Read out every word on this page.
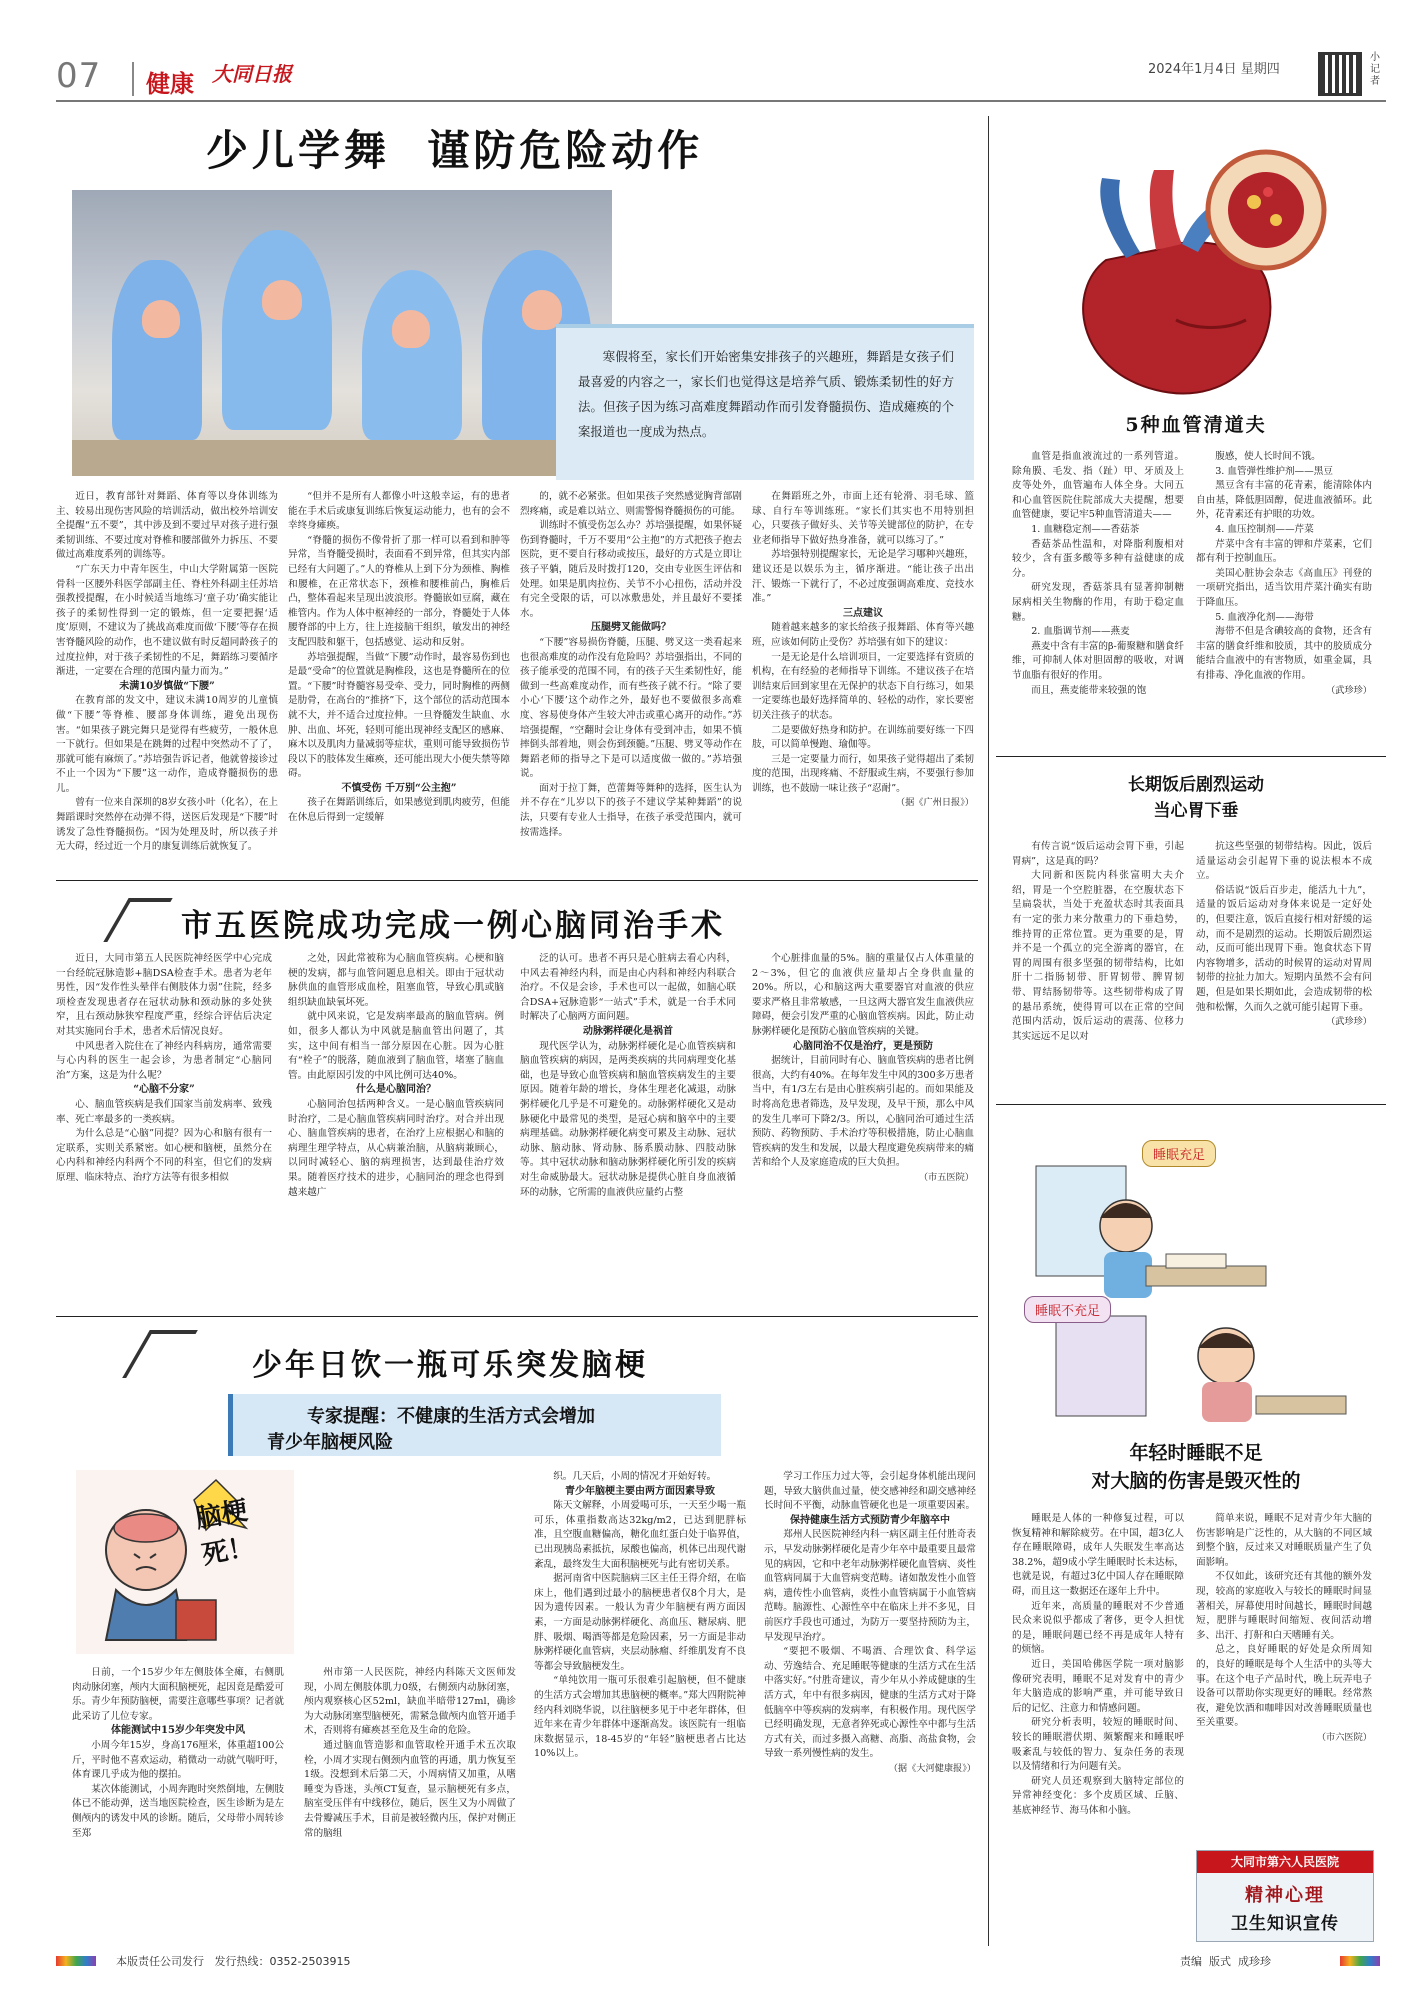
07 健康 大同日报	2024年1月4日 星期四
小 记 者
少儿学舞  谨防危险动作
寒假将至，家长们开始密集安排孩子的兴趣班，舞蹈是女孩子们最喜爱的内容之一，家长们也觉得这是培养气质、锻炼柔韧性的好方法。但孩子因为练习高难度舞蹈动作而引发脊髓损伤、造成瘫痪的个案报道也一度成为热点。

近日，教育部针对舞蹈、体育等以身体训练为主、较易出现伤害风险的培训活动，做出校外培训安全提醒“五不要”，其中涉及到不要过早对孩子进行强柔韧训练、不要过度对脊椎和腰部做外力拆压、不要做过高难度系列的训练等。

“广东天力中青年医生，中山大学附属第一医院骨科一区腰外科医学部副主任、脊柱外科副主任苏培强教授提醒，在小时候适当地练习‘童子功’确实能让孩子的柔韧性得到一定的锻炼，但一定要把握‘适度’原则，不建议为了挑战高难度而做‘下腰’等存在损害脊髓风险的动作，也不建议做有时反超同龄孩子的过度拉伸，对于孩子柔韧性的不足，舞蹈练习要循序渐进，一定要在合理的范围内量力而为。”

未满10岁慎做“下腰”

在教育部的发文中，建议未满10周岁的儿童慎做“下腰”等脊椎、腰部身体训练，避免出现伤害。“如果孩子跳完舞只是觉得有些疲劳，一般休息一下就行。但如果是在跳舞的过程中突然动不了了，那就可能有麻烦了。”苏培强告诉记者，他就曾接诊过不止一个因为“下腰”这一动作，造成脊髓损伤的患儿。

曾有一位来自深圳的8岁女孩小叶（化名），在上舞蹈课时突然停在动弹不得，送医后发现是“下腰”时诱发了急性脊髓损伤。“因为处理及时，所以孩子并无大碍，经过近一个月的康复训练后就恢复了。

“但并不是所有人都像小叶这般幸运，有的患者能在手术后或康复训练后恢复运动能力，也有的会不幸终身瘫痪。

“脊髓的损伤不像骨折了那一样可以看到和肿等异常，当脊髓受损时，表面看不到异常，但其实内部已经有大问题了。”人的脊椎从上到下分为颈椎、胸椎和腰椎，在正常状态下，颈椎和腰椎前凸，胸椎后凸，整体看起来呈现出波浪形。脊髓嵌如豆腐，藏在椎管内。作为人体中枢神经的一部分，脊髓处于人体腰脊部的中上方，往上连接脑干组织，敏发出的神经支配四肢和躯干，包括感觉、运动和反射。

苏培强提醒，当做“下腰”动作时，最容易伤到也是最“受命”的位置就是胸椎段，这也是脊髓所在的位置。“下腰”时脊髓容易受牵、受力，同时胸椎的两侧是肋骨，在高台的“推挤”下，这个部位的活动范围本就不大，并不适合过度拉伸。一旦脊髓发生缺血、水肿、出血、坏死，轻则可能出现神经支配区的感麻、麻木以及肌肉力量减弱等症状，重则可能导致损伤节段以下的肢体发生瘫痪，还可能出现大小便失禁等障碍。

不慎受伤 千万别“公主抱”

孩子在舞蹈训练后，如果感觉到肌肉疲劳，但能在休息后得到一定缓解

的，就不必紧张。但如果孩子突然感觉胸背部剧烈疼痛，或是难以站立、则需警惕脊髓损伤的可能。

训练时不慎受伤怎么办？苏培强提醒，如果怀疑伤到脊髓时，千万不要用“公主抱”的方式把孩子抱去医院，更不要自行移动或按压，最好的方式是立即让孩子平躺，随后及时拨打120，交由专业医生评估和处理。如果是肌肉拉伤、关节不小心扭伤，活动并没有完全受限的话，可以冰敷患处，并且最好不要揉水。

压腿劈叉能做吗？

“下腰”容易损伤脊髓，压腿、劈叉这一类看起来也很高难度的动作没有危险吗？苏培强指出，不同的孩子能承受的范围不同，有的孩子天生柔韧性好，能做到一些高难度动作，而有些孩子就不行。“除了要小心‘下腰’这个动作之外，最好也不要做很多高难度、容易使身体产生较大冲击或重心离开的动作。”苏培强提醒，“空翻时会让身体有受到冲击，如果不慎摔倒头部着地，则会伤到颈髓。”压腿、劈叉等动作在舞蹈老师的指导之下是可以适度做一做的。”苏培强说。

面对于拉丁舞，芭蕾舞等舞种的选择，医生认为并不存在“儿岁以下的孩子不建议学某种舞蹈”的说法，只要有专业人士指导，在孩子承受范围内，就可按需选择。

在舞蹈班之外，市面上还有轮滑、羽毛球、篮球、自行车等训练班。“家长们其实也不用特别担心，只要孩子做好头、关节等关键部位的防护，在专业老师指导下做好热身准备，就可以练习了。”

苏培强特别提醒家长，无论是学习哪种兴趣班，建议还是以娱乐为主，循序渐进。“能让孩子出出汗、锻炼一下就行了，不必过度强调高难度、竞技水准。”

三点建议

随着越来越多的家长给孩子报舞蹈、体育等兴趣班，应该如何防止受伤？苏培强有如下的建议：

一是无论是什么培训项目，一定要选择有资质的机构，在有经验的老师指导下训练。不建议孩子在培训结束后回到家里在无保护的状态下自行练习，如果一定要练也最好选择简单的、轻松的动作，家长要密切关注孩子的状态。

二是要做好热身和防护。在训练前要好练一下四肢，可以简单慢跑、瑜伽等。

三是一定要量力而行，如果孩子觉得超出了柔韧度的范围，出现疼痛、不舒服或生病，不要强行参加训练，也不鼓励一味让孩子“忍耐”。

（据《广州日报》）

市五医院成功完成一例心脑同治手术

近日，大同市第五人民医院神经医学中心完成一台经皖冠脉造影+脑DSA检查手术。患者为老年男性，因“发作性头晕伴右侧肢体力弱”住院，经多项检查发现患者存在冠状动脉和颈动脉的多处狭窄，且右颈动脉狭窄程度严重，经综合评估后决定对其实施同台手术，患者术后情况良好。

中风患者入院住在了神经内科病房，通常需要与心内科的医生一起会诊，为患者制定“心脑同治”方案，这是为什么呢？

“心脑不分家”

心、脑血管疾病是我们国家当前发病率、致残率、死亡率最多的一类疾病。

为什么总是“心脑”同提？因为心和脑有很有一定联系，实则关系紧密。如心梗和脑梗，虽然分在心内科和神经内科两个不同的科室，但它们的发病原理、临床特点、治疗方法等有很多相似

之处，因此常被称为心脑血管疾病。心梗和脑梗的发病，都与血管问题息息相关。即由于冠状动脉供血的血管形成血栓，阻塞血管，导致心肌或脑组织缺血缺氧坏死。

就中风来说，它是发病率最高的脑血管病。例如，很多人都认为中风就是脑血管出问题了，其实，这中间有相当一部分原因在心脏。因为心脏有“栓子”的脱落，随血液到了脑血管，堵塞了脑血管。由此原因引发的中风比例可达40%。

什么是心脑同治？

心脑同治包括两种含义。一是心脑血管疾病同时治疗，二是心脑血管疾病同时治疗。对合并出现心、脑血管疾病的患者，在治疗上应根据心和脑的病理生理学特点，从心病兼治脑，从脑病兼顾心，以同时减轻心、脑的病理损害，达到最佳治疗效果。随着医疗技术的进步，心脑同治的理念也得到越来越广

泛的认可。患者不再只是心脏病去看心内科，中风去看神经内科，而是由心内科和神经内科联合治疗。不仅是会诊，手术也可以一起做，如脑心联合DSA+冠脉造影“一站式”手术，就是一台手术同时解决了心脑两方面问题。

动脉粥样硬化是祸首

现代医学认为，动脉粥样硬化是心血管疾病和脑血管疾病的病因，是两类疾病的共同病理变化基础，也是导致心血管疾病和脑血管疾病发生的主要原因。随着年龄的增长，身体生理老化减退，动脉粥样硬化几乎是不可避免的。动脉粥样硬化又是动脉硬化中最常见的类型，是冠心病和脑卒中的主要病理基础。动脉粥样硬化病变可累及主动脉、冠状动脉、脑动脉、肾动脉、肠系膜动脉、四肢动脉等。其中冠状动脉和脑动脉粥样硬化所引发的疾病对生命威胁最大。冠状动脉是提供心脏自身血液循环的动脉，它所需的血液供应量约占整

个心脏排血量的5%。脑的重量仅占人体重量的2～3%，但它的血液供应量却占全身供血量的20%。所以，心和脑这两大重要器官对血液的供应要求严格且非常敏感，一旦这两大器官发生血液供应障碍，便会引发严重的心脑血管疾病。因此，防止动脉粥样硬化是预防心脑血管疾病的关键。

心脑同治不仅是治疗，更是预防

据统计，目前同时有心、脑血管疾病的患者比例很高，大约有40%。在每年发生中风的300多万患者当中，有1/3左右是由心脏疾病引起的。而如果能及时将高危患者筛选，及早发现，及早干预，那么中风的发生几率可下降2/3。所以，心脑同治可通过生活预防、药物预防、手术治疗等积极措施，防止心脑血管疾病的发生和发展，以最大程度避免疾病带来的痛苦和给个人及家庭造成的巨大负担。

（市五医院）

少年日饮一瓶可乐突发脑梗
专家提醒：不健康的生活方式会增加
青少年脑梗风险
脑梗死！

日前，一个15岁少年左侧肢体全瘫，右侧肌肉动脉闭塞，颅内大面积脑梗死，起因竟是酷爱可乐。青少年预防脑梗，需要注意哪些事项？记者就此采访了儿位专家。

体能测试中15岁少年突发中风

小周今年15岁，身高176厘米，体重超100公斤，平时他不喜欢运动，稍微动一动就气喘吁吁，体育课几乎成为他的摆拍。

某次体能测试，小周奔跑时突然倒地，左侧肢体已不能动弹，送当地医院检查，医生诊断为是左侧颅内的诱发中风的诊断。随后，父母带小周转诊至郑

州市第一人民医院，神经内科陈天文医师发现，小周左侧肢体肌力0级，右侧颈内动脉闭塞，颅内观察核心区52ml，缺血半暗带127ml，确诊为大动脉闭塞型脑梗死，需紧急做颅内血管开通手术，否则将有瘫痪甚至危及生命的危险。

通过脑血管造影和血管取栓开通手术五次取栓，小周才实现右侧颈内血管的再通，肌力恢复至1级。没想到术后第二天，小周病情又加重，从嗜睡变为昏迷，头颅CT复查，显示脑梗死有多点，脑室受压伴有中线移位，随后，医生又为小周做了去骨瓣减压手术，目前是被轻微内压，保护对侧正常的脑组

织。几天后，小周的情况才开始好转。

青少年脑梗主要由两方面因素导致

陈天文解释，小周爱喝可乐，一天至少喝一瓶可乐，体重指数高达32kg/m2，已达到肥胖标准，且空腹血糖偏高，糖化血红蛋白处于临界值，已出现胰岛素抵抗，尿酸也偏高，机体已出现代谢紊乱，最终发生大面积脑梗死与此有密切关系。

据河南省中医院脑病三区主任王得介绍，在临床上，他们遇到过最小的脑梗患者仅8个月大，是因为遗传因素。一般认为青少年脑梗有两方面因素，一方面是动脉粥样硬化、高血压、糖尿病、肥胖、吸烟、喝酒等都是危险因素，另一方面是非动脉粥样硬化血管病，夹层动脉瘤、纤维肌发育不良等都会导致脑梗发生。

“单纯饮用一瓶可乐很难引起脑梗，但不健康的生活方式会增加其患脑梗的概率。”郑大四附院神经内科刘晓华说，以往脑梗多见于中老年群体，但近年来在青少年群体中逐渐高发。该医院有一组临床数据显示，18-45岁的“年轻”脑梗患者占比达10%以上。

学习工作压力过大等，会引起身体机能出现问题，导致大脑供血过量，使交感神经和副交感神经长时间不平衡，动脉血管硬化也是一项重要因素。

保持健康生活方式预防青少年脑卒中

郑州人民医院神经内科一病区副主任付胜奇表示，早发动脉粥样硬化是青少年卒中最重要且最常见的病因，它和中老年动脉粥样硬化血管病、炎性血管病同属于大血管病变范畴。诸如散发性小血管病，遗传性小血管病，炎性小血管病属于小血管病范畴。脑源性、心源性卒中在临床上并不多见，目前医疗手段也可通过，为防万一要坚持预防为主，早发现早治疗。

“要把不吸烟、不喝酒、合理饮食、科学运动、劳逸结合、充足睡眠等健康的生活方式在生活中落实好。”付胜奇建议，青少年从小养成健康的生活方式，年中有很多病因，健康的生活方式对于降低脑卒中等疾病的发病率，有积极作用。现代医学已经明确发现，无意者猝死或心源性卒中都与生活方式有关，而过多摄入高糖、高脂、高盐食物，会导致一系列慢性病的发生。

（据《大河健康报》）

5种血管清道夫

血管是指血液流过的一系列管道。除角膜、毛发、指（趾）甲、牙质及上皮等处外，血管遍布人体全身。大同五和心血管医院住院部成大夫提醒，想要血管健康，要记牢5种血管清道夫——

1. 血糖稳定剂——香菇茶

香菇茶品性温和，对降脂利腹相对较少，含有蛋多酸等多种有益健康的成分。

研究发现，香菇茶具有显著抑制糖尿病相关生物酶的作用，有助于稳定血糖。

2. 血脂调节剂——燕麦

燕麦中含有丰富的β-葡聚糖和膳食纤维，可抑制人体对胆固醇的吸收，对调节血脂有很好的作用。

而且，燕麦能带来较强的饱

腹感，使人长时间不饿。

3. 血管弹性维护剂——黑豆

黑豆含有丰富的花青素，能清除体内自由基，降低胆固醇，促进血液循环。此外，花青素还有护眼的功效。

4. 血压控制剂——芹菜

芹菜中含有丰富的钾和芹菜素，它们都有利于控制血压。

美国心脏协会杂志《高血压》刊登的一项研究指出，适当饮用芹菜汁确实有助于降血压。

5. 血液净化剂——海带

海带不但是含碘较高的食物，还含有丰富的膳食纤维和胶质，其中的胶质成分能结合血液中的有害物质，如重金属，具有排毒、净化血液的作用。

（武珍珍）

长期饭后剧烈运动
当心胃下垂

有传言说“饭后运动会胃下垂，引起胃病”，这是真的吗？

大同新和医院内科张富明大夫介绍，胃是一个空腔脏器，在空腹状态下呈扁袋状，当处于充盈状态时其表面具有一定的张力来分散重力的下垂趋势，维持胃的正常位置。更为重要的是，胃并不是一个孤立的完全游离的器官，在胃的周围有很多坚强的韧带结构，比如肝十二指肠韧带、肝胃韧带、脾胃韧带、胃结肠韧带等。这些韧带构成了胃的悬吊系统，使得胃可以在正常的空间范围内活动，饭后运动的震荡、位移力其实远远不足以对

抗这些坚强的韧带结构。因此，饭后适量运动会引起胃下垂的说法根本不成立。

俗话说“饭后百步走，能活九十九”，适量的饭后运动对身体来说是一定好处的，但要注意，饭后直接行相对舒缓的运动，而不是剧烈的运动。长期饭后剧烈运动，反而可能出现胃下垂。饱食状态下胃内容物增多，活动的时候胃的运动对胃周韧带的拉扯力加大。短期内虽然不会有问题，但是如果长期如此，会造成韧带的松弛和松懈，久而久之就可能引起胃下垂。

（武珍珍）

睡眠充足
睡眠不充足
年轻时睡眠不足
对大脑的伤害是毁灭性的

睡眠是人体的一种修复过程，可以恢复精神和解除疲劳。在中国，超3亿人存在睡眠障碍，成年人失眠发生率高达38.2%，超9成小学生睡眠时长未达标，也就是说，有超过3亿中国人存在睡眠障碍，而且这一数据还在逐年上升中。

近年来，高质量的睡眠对不少普通民众来说似乎都成了奢侈，更令人担忧的是，睡眠问题已经不再是成年人特有的烦恼。

近日，美国哈佛医学院一项对脑影像研究表明，睡眠不足对发育中的青少年大脑造成的影响严重，并可能导致日后的记忆、注意力和情感问题。

研究分析表明，较短的睡眠时间、较长的睡眠潜伏期、频繁醒来和睡眠呼吸紊乱与较低的智力、复杂任务的表现以及情绪和行为问题有关。

研究人员还观察到大脑特定部位的异常神经变化：多个皮质区域、丘脑、基底神经节、海马体和小脑。

简单来说，睡眠不足对青少年大脑的伤害影响是广泛性的，从大脑的不同区域到整个脑，反过来又对睡眠质量产生了负面影响。

不仅如此，该研究还有其他的额外发现，较高的家庭收入与较长的睡眠时间显著相关，屏幕使用时间越长，睡眠时间越短，肥胖与睡眠时间缩短、夜间活动增多、出汗、打鼾和白天嗜睡有关。

总之，良好睡眠的好处是众所周知的，良好的睡眠是每个人生活中的头等大事。在这个电子产品时代，晚上玩弄电子设备可以帮助你实现更好的睡眠。经常熬夜，避免饮酒和咖啡因对改善睡眠质量也至关重要。

（市六医院）

大同市第六人民医院
精神心理
卫生知识宣传
本版责任公司发行   发行热线：0352-2503915	责编  版式  成珍珍
